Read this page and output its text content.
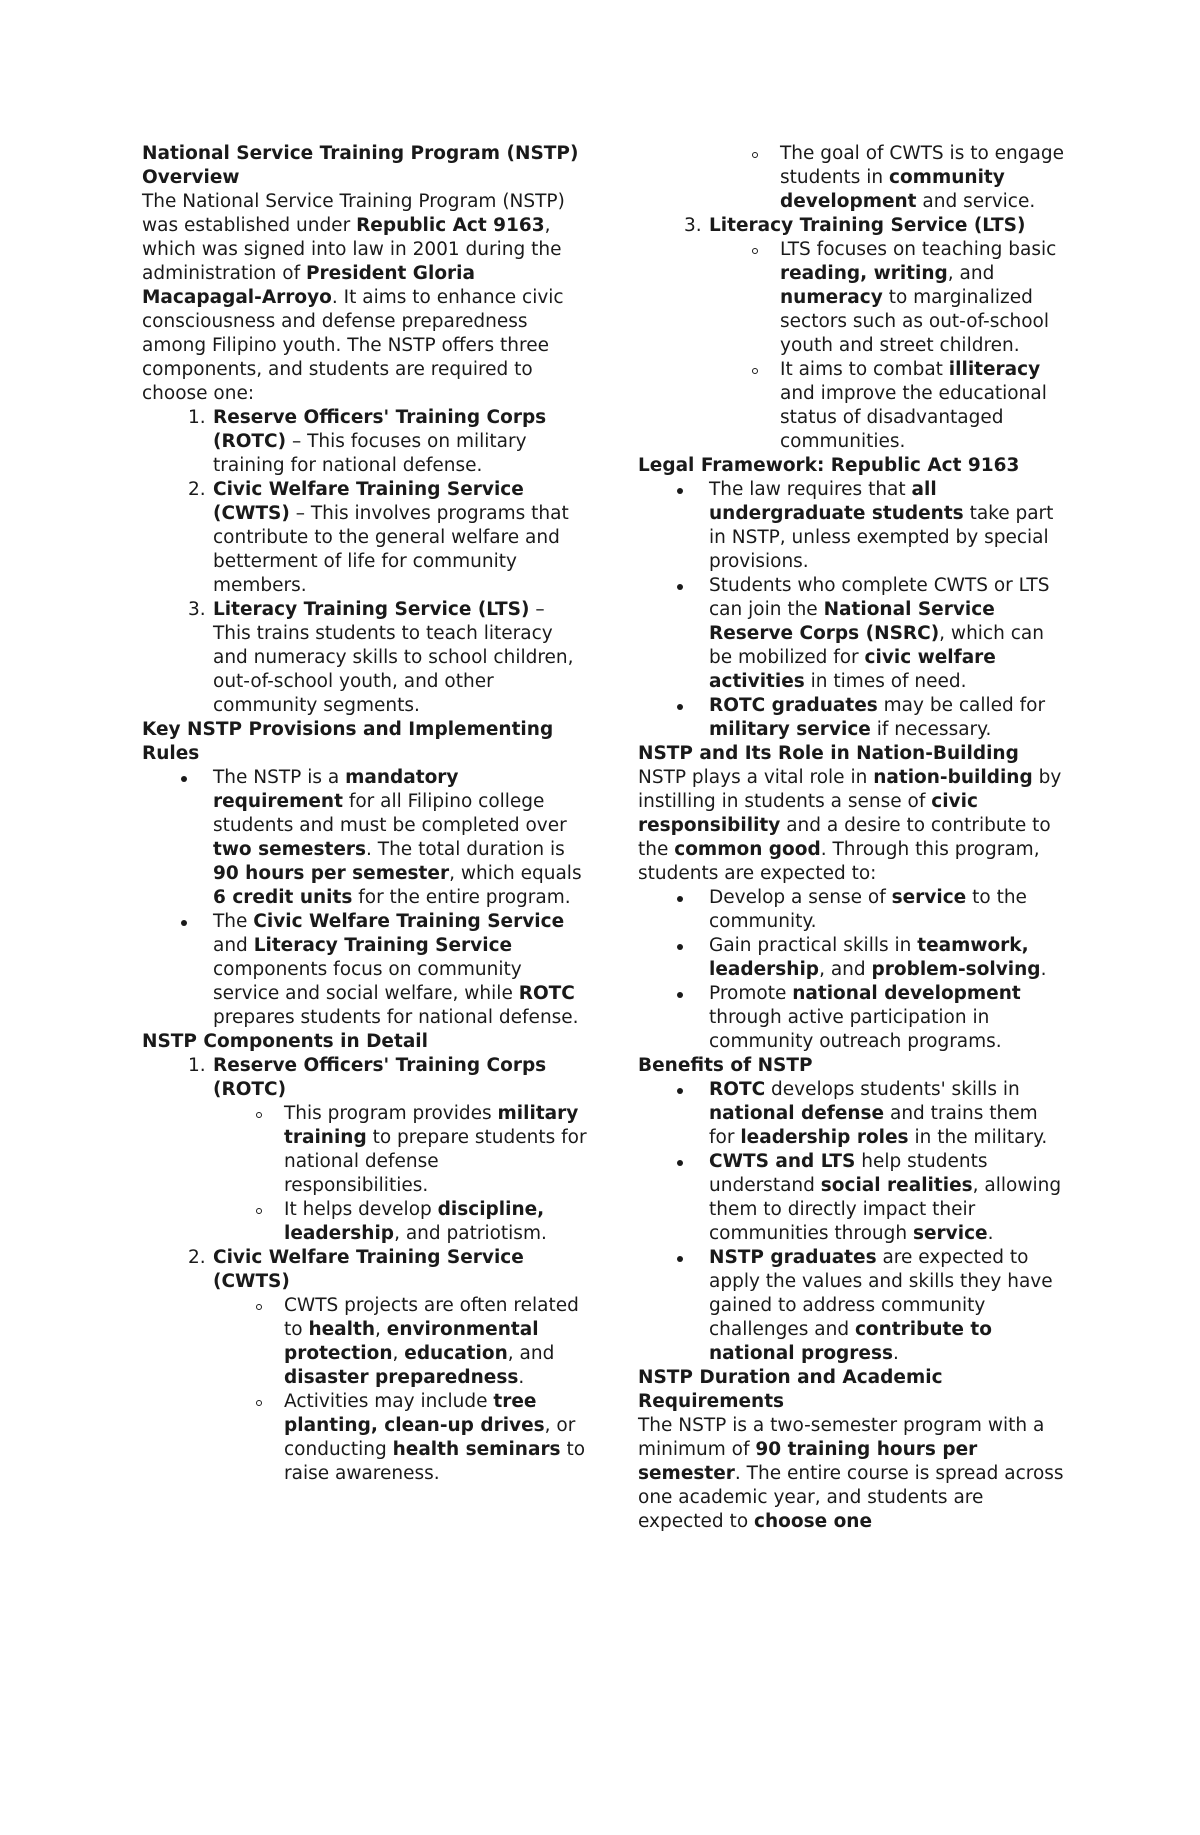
National Service Training Program (NSTP) Overview
The National Service Training Program (NSTP) was established under Republic Act 9163, which was signed into law in 2001 during the administration of President Gloria Macapagal-Arroyo. It aims to enhance civic consciousness and defense preparedness among Filipino youth. The NSTP offers three components, and students are required to choose one:
1. Reserve Officers' Training Corps (ROTC) – This focuses on military training for national defense.
2. Civic Welfare Training Service (CWTS) – This involves programs that contribute to the general welfare and betterment of life for community members.
3. Literacy Training Service (LTS) – This trains students to teach literacy and numeracy skills to school children, out-of-school youth, and other community segments.
Key NSTP Provisions and Implementing Rules
The NSTP is a mandatory requirement for all Filipino college students and must be completed over two semesters. The total duration is 90 hours per semester, which equals 6 credit units for the entire program.
The Civic Welfare Training Service and Literacy Training Service components focus on community service and social welfare, while ROTC prepares students for national defense.
NSTP Components in Detail
1. Reserve Officers' Training Corps (ROTC)
This program provides military training to prepare students for national defense responsibilities.
It helps develop discipline, leadership, and patriotism.
2. Civic Welfare Training Service (CWTS)
CWTS projects are often related to health, environmental protection, education, and disaster preparedness.
Activities may include tree planting, clean-up drives, or conducting health seminars to raise awareness.
The goal of CWTS is to engage students in community development and service.
3. Literacy Training Service (LTS)
LTS focuses on teaching basic reading, writing, and numeracy to marginalized sectors such as out-of-school youth and street children.
It aims to combat illiteracy and improve the educational status of disadvantaged communities.
Legal Framework: Republic Act 9163
The law requires that all undergraduate students take part in NSTP, unless exempted by special provisions.
Students who complete CWTS or LTS can join the National Service Reserve Corps (NSRC), which can be mobilized for civic welfare activities in times of need.
ROTC graduates may be called for military service if necessary.
NSTP and Its Role in Nation-Building
NSTP plays a vital role in nation-building by instilling in students a sense of civic responsibility and a desire to contribute to the common good. Through this program, students are expected to:
Develop a sense of service to the community.
Gain practical skills in teamwork, leadership, and problem-solving.
Promote national development through active participation in community outreach programs.
Benefits of NSTP
ROTC develops students' skills in national defense and trains them for leadership roles in the military.
CWTS and LTS help students understand social realities, allowing them to directly impact their communities through service.
NSTP graduates are expected to apply the values and skills they have gained to address community challenges and contribute to national progress.
NSTP Duration and Academic Requirements
The NSTP is a two-semester program with a minimum of 90 training hours per semester. The entire course is spread across one academic year, and students are expected to choose one
